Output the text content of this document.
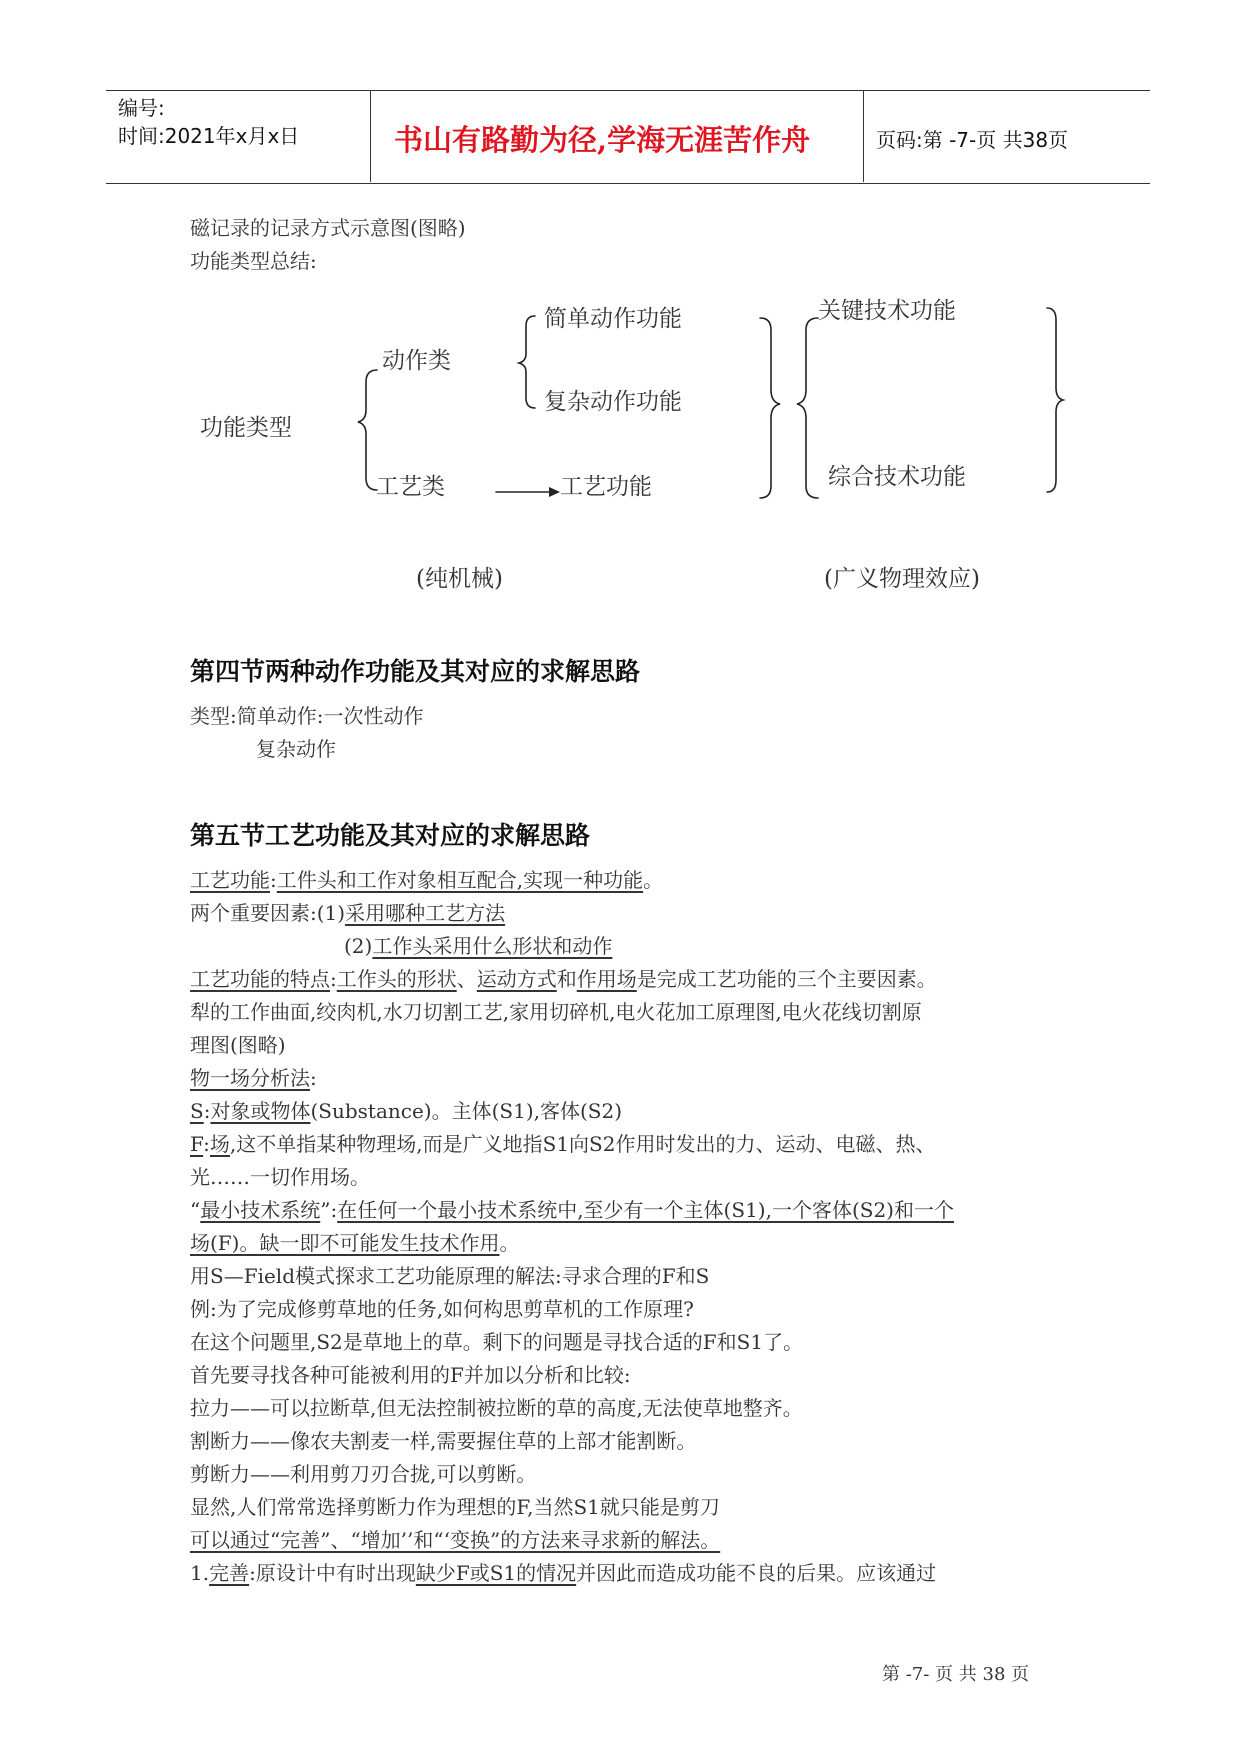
编号:
时间:2021年x月x日	书山有路勤为径,学海无涯苦作舟	页码:第 -7-页 共38页
磁记录的记录方式示意图(图略)
功能类型总结:
功能类型
动作类
简单动作功能
复杂动作功能
工艺类	工艺功能
关键技术功能
综合技术功能
(纯机械)	(广义物理效应)
第四节两种动作功能及其对应的求解思路
类型:简单动作:一次性动作
复杂动作
第五节工艺功能及其对应的求解思路
工艺功能:工件头和工作对象相互配合,实现一种功能。
两个重要因素:(1)采用哪种工艺方法
(2)工作头采用什么形状和动作
工艺功能的特点:工作头的形状、运动方式和作用场是完成工艺功能的三个主要因素。
犁的工作曲面,绞肉机,水刀切割工艺,家用切碎机,电火花加工原理图,电火花线切割原
理图(图略)
物一场分析法:
S:对象或物体(Substance)。主体(S1),客体(S2)
F:场,这不单指某种物理场,而是广义地指S1向S2作用时发出的力、运动、电磁、热、
光……一切作用场。
“最小技术系统”:在任何一个最小技术系统中,至少有一个主体(S1),一个客体(S2)和一个
场(F)。缺一即不可能发生技术作用。
用S—Field模式探求工艺功能原理的解法:寻求合理的F和S
例:为了完成修剪草地的任务,如何构思剪草机的工作原理?
在这个问题里,S2是草地上的草。剩下的问题是寻找合适的F和S1了。
首先要寻找各种可能被利用的F并加以分析和比较:
拉力——可以拉断草,但无法控制被拉断的草的高度,无法使草地整齐。
割断力——像农夫割麦一样,需要握住草的上部才能割断。
剪断力——利用剪刀刃合拢,可以剪断。
显然,人们常常选择剪断力作为理想的F,当然S1就只能是剪刀
可以通过“完善”、“增加’’和“‘变换”的方法来寻求新的解法。
1.完善:原设计中有时出现缺少F或S1的情况并因此而造成功能不良的后果。应该通过
第 -7- 页 共 38 页
